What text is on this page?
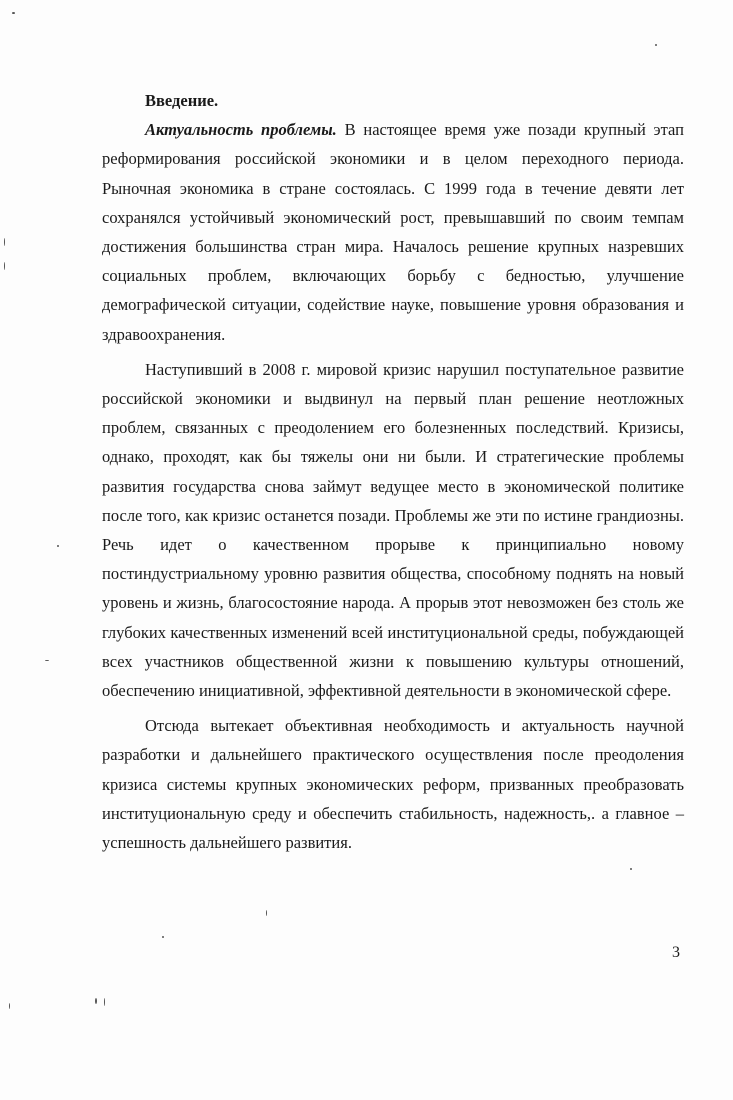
Введение.

Актуальность проблемы. В настоящее время уже позади крупный этап реформирования российской экономики и в целом переходного периода. Рыночная экономика в стране состоялась. С 1999 года в течение девяти лет сохранялся устойчивый экономический рост, превышавший по своим темпам достижения большинства стран мира. Началось решение крупных назревших социальных проблем, включающих борьбу с бедностью, улучшение демографической ситуации, содействие науке, повышение уровня образования и здравоохранения.

Наступивший в 2008 г. мировой кризис нарушил поступательное развитие российской экономики и выдвинул на первый план решение неотложных проблем, связанных с преодолением его болезненных последствий. Кризисы, однако, проходят, как бы тяжелы они ни были. И стратегические проблемы развития государства снова займут ведущее место в экономической политике после того, как кризис останется позади. Проблемы же эти по истине грандиозны. Речь идет о качественном прорыве к принципиально новому постиндустриальному уровню развития общества, способному поднять на новый уровень и жизнь, благосостояние народа. А прорыв этот невозможен без столь же глубоких качественных изменений всей институциональной среды, побуждающей всех участников общественной жизни к повышению культуры отношений, обеспечению инициативной, эффективной деятельности в экономической сфере.

Отсюда вытекает объективная необходимость и актуальность научной разработки и дальнейшего практического осуществления после преодоления кризиса системы крупных экономических реформ, призванных преобразовать институциональную среду и обеспечить стабильность, надежность,. а главное – успешность дальнейшего развития.

3
